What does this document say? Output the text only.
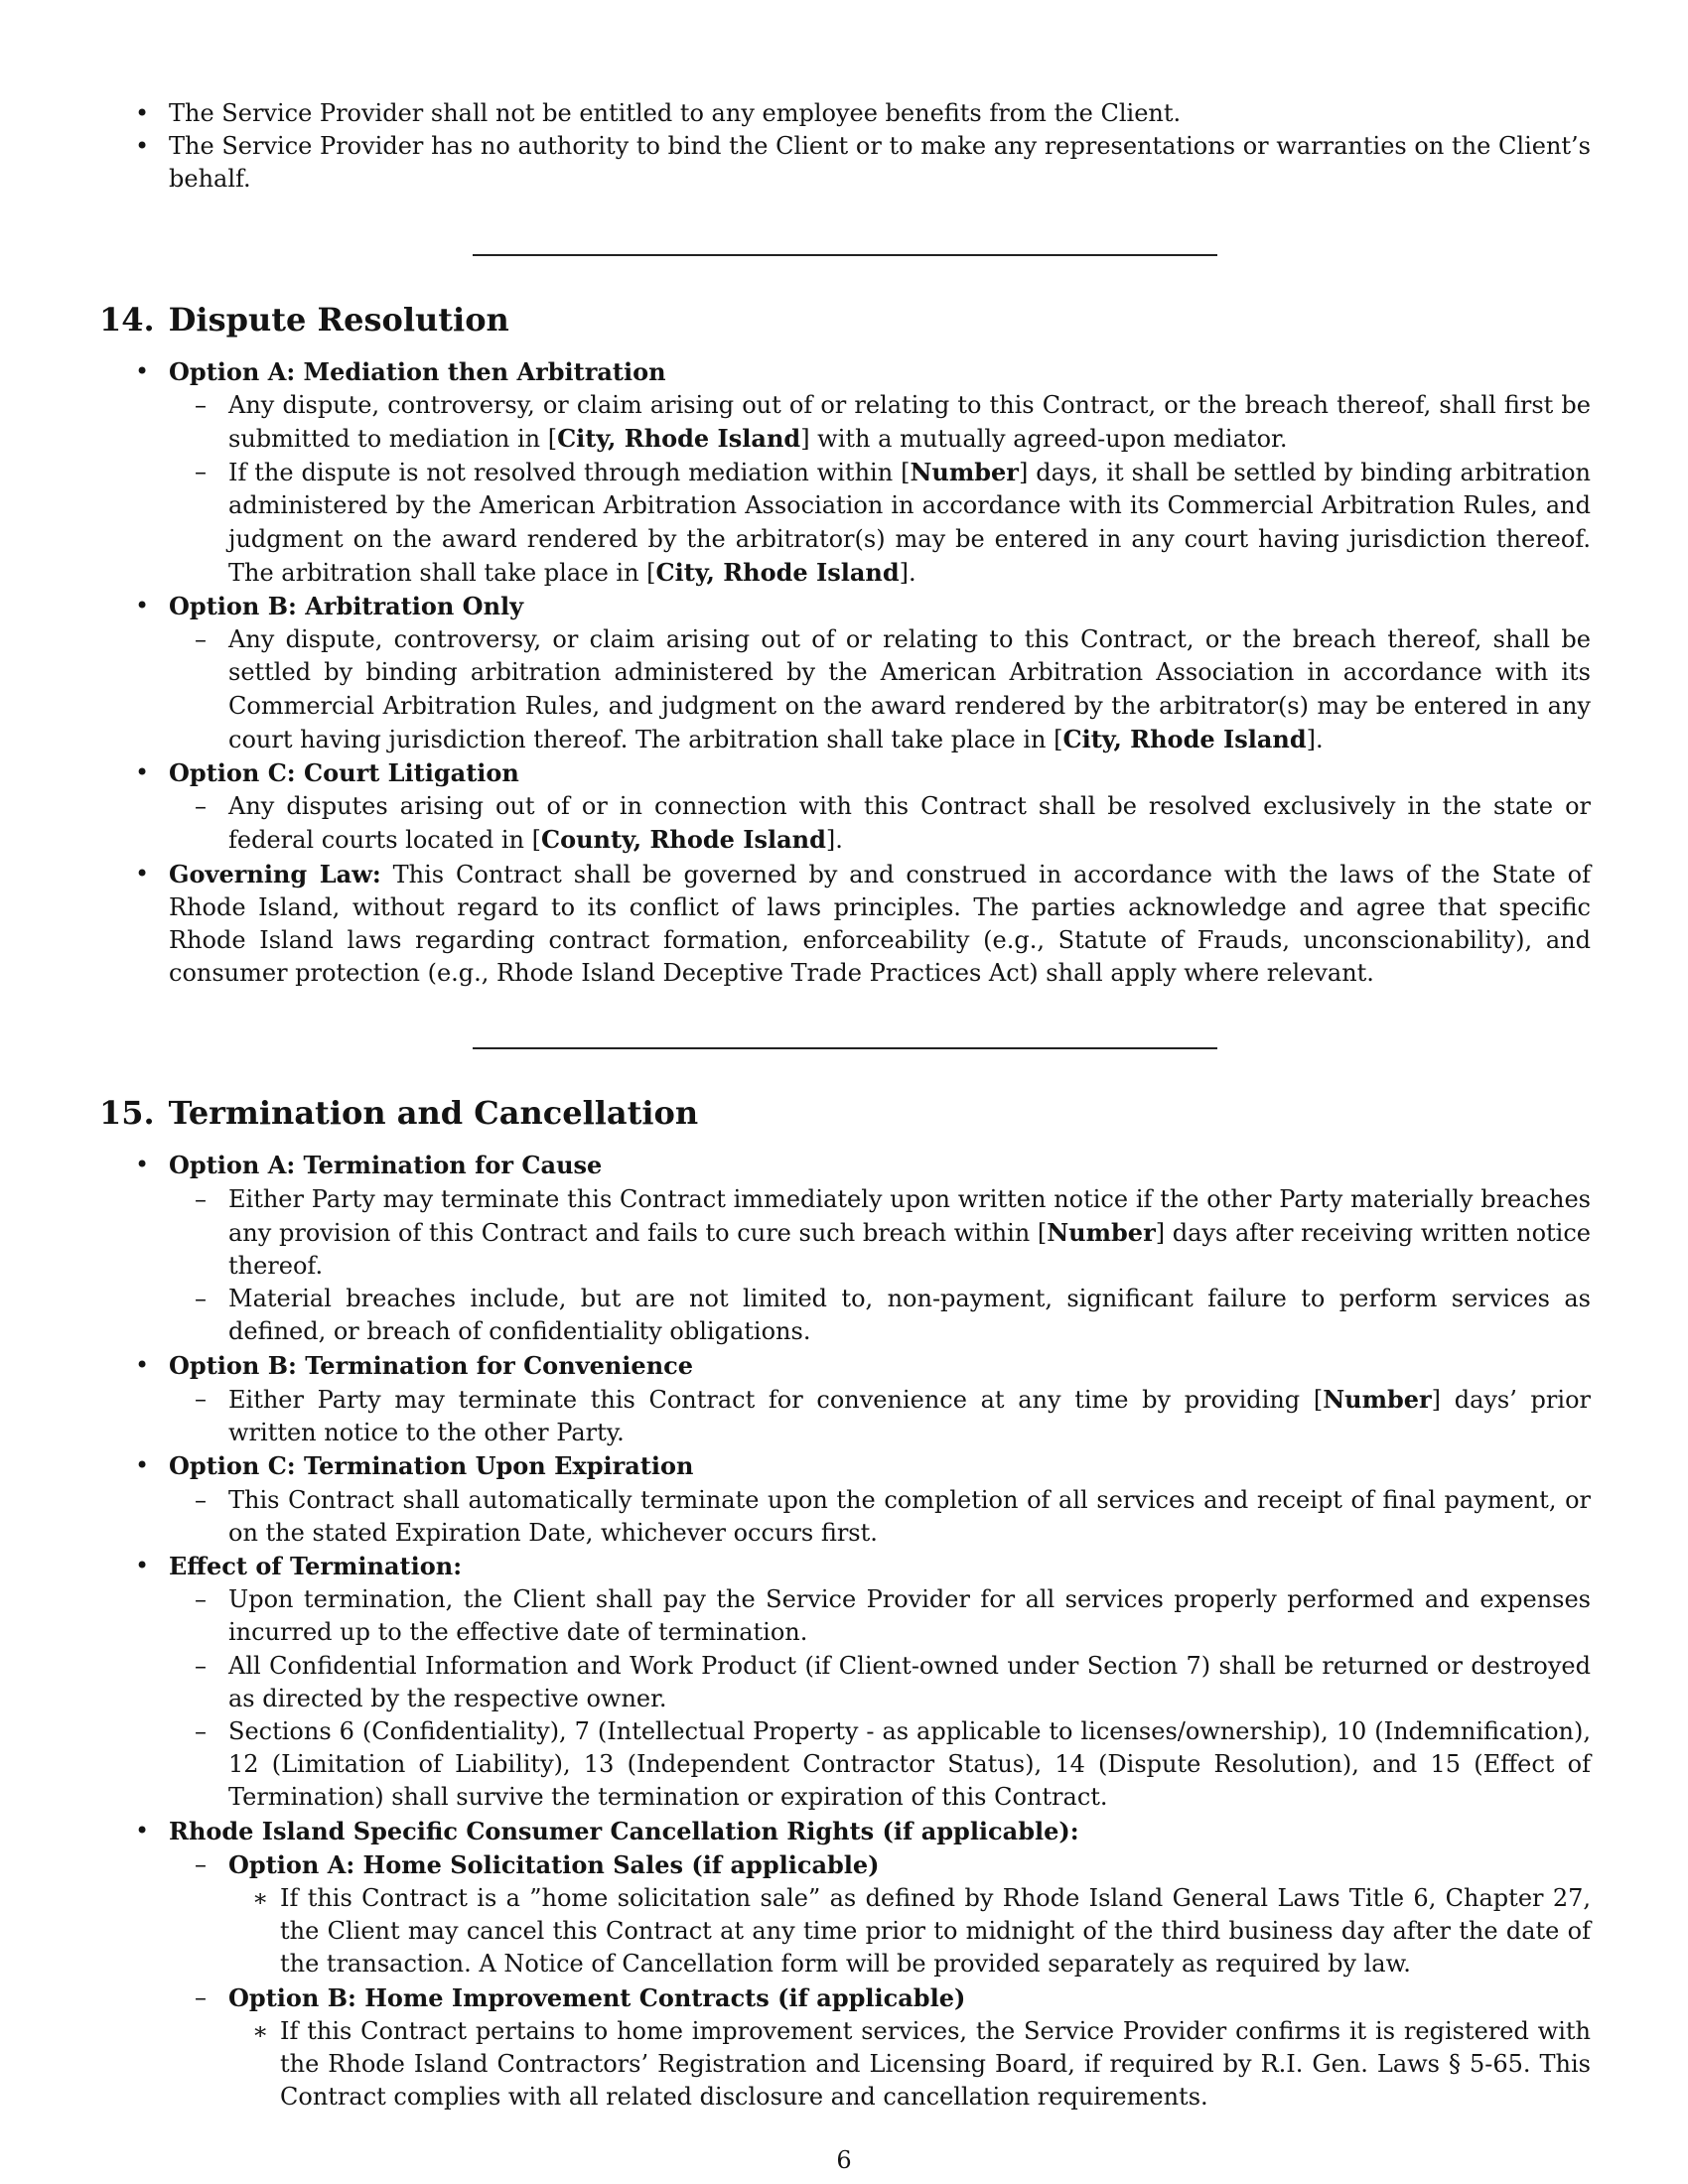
• The Service Provider shall not be entitled to any employee benefits from the Client.
• The Service Provider has no authority to bind the Client or to make any representations or warranties on the Client’s behalf.
14. Dispute Resolution
• Option A: Mediation then Arbitration
– Any dispute, controversy, or claim arising out of or relating to this Contract, or the breach thereof, shall first be submitted to mediation in [City, Rhode Island] with a mutually agreed-upon mediator.
– If the dispute is not resolved through mediation within [Number] days, it shall be settled by binding arbitration administered by the American Arbitration Association in accordance with its Commercial Arbitration Rules, and judgment on the award rendered by the arbitrator(s) may be entered in any court having jurisdiction thereof. The arbitration shall take place in [City, Rhode Island].
• Option B: Arbitration Only
– Any dispute, controversy, or claim arising out of or relating to this Contract, or the breach thereof, shall be settled by binding arbitration administered by the American Arbitration Association in accordance with its Commercial Arbitration Rules, and judgment on the award rendered by the arbitrator(s) may be entered in any court having jurisdiction thereof. The arbitration shall take place in [City, Rhode Island].
• Option C: Court Litigation
– Any disputes arising out of or in connection with this Contract shall be resolved exclusively in the state or federal courts located in [County, Rhode Island].
• Governing Law: This Contract shall be governed by and construed in accordance with the laws of the State of Rhode Island, without regard to its conflict of laws principles. The parties acknowledge and agree that specific Rhode Island laws regarding contract formation, enforceability (e.g., Statute of Frauds, unconscionability), and consumer protection (e.g., Rhode Island Deceptive Trade Practices Act) shall apply where relevant.
15. Termination and Cancellation
• Option A: Termination for Cause
– Either Party may terminate this Contract immediately upon written notice if the other Party materially breaches any provision of this Contract and fails to cure such breach within [Number] days after receiving written notice thereof.
– Material breaches include, but are not limited to, non-payment, significant failure to perform services as defined, or breach of confidentiality obligations.
• Option B: Termination for Convenience
– Either Party may terminate this Contract for convenience at any time by providing [Number] days’ prior written notice to the other Party.
• Option C: Termination Upon Expiration
– This Contract shall automatically terminate upon the completion of all services and receipt of final payment, or on the stated Expiration Date, whichever occurs first.
• Effect of Termination:
– Upon termination, the Client shall pay the Service Provider for all services properly performed and expenses incurred up to the effective date of termination.
– All Confidential Information and Work Product (if Client-owned under Section 7) shall be returned or destroyed as directed by the respective owner.
– Sections 6 (Confidentiality), 7 (Intellectual Property - as applicable to licenses/ownership), 10 (Indemnification), 12 (Limitation of Liability), 13 (Independent Contractor Status), 14 (Dispute Resolution), and 15 (Effect of Termination) shall survive the termination or expiration of this Contract.
• Rhode Island Specific Consumer Cancellation Rights (if applicable):
– Option A: Home Solicitation Sales (if applicable)
∗ If this Contract is a ”home solicitation sale” as defined by Rhode Island General Laws Title 6, Chapter 27, the Client may cancel this Contract at any time prior to midnight of the third business day after the date of the transaction. A Notice of Cancellation form will be provided separately as required by law.
– Option B: Home Improvement Contracts (if applicable)
∗ If this Contract pertains to home improvement services, the Service Provider confirms it is registered with the Rhode Island Contractors’ Registration and Licensing Board, if required by R.I. Gen. Laws § 5-65. This Contract complies with all related disclosure and cancellation requirements.
6
